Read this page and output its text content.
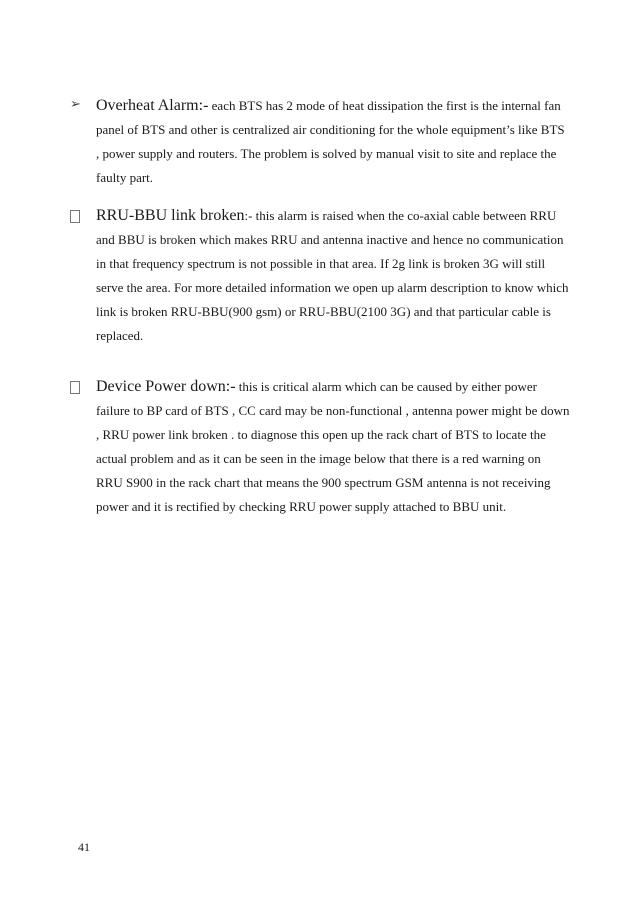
➢ Overheat Alarm:- each BTS has 2 mode of heat dissipation the first is the internal fan panel of BTS and other is centralized air conditioning for the whole equipment’s like BTS , power supply and routers. The problem is solved by manual visit to site and replace the faulty part.
RRU-BBU link broken:- this alarm is raised when the co-axial cable between RRU and BBU is broken which makes RRU and antenna inactive and hence no communication in that frequency spectrum is not possible in that area. If 2g link is broken 3G will still serve the area. For more detailed information we open up alarm description to know which link is broken RRU-BBU(900 gsm) or RRU-BBU(2100 3G) and that particular cable is replaced.
Device Power down:- this is critical alarm which can be caused by either power failure to BP card of BTS , CC card may be non-functional , antenna power might be down , RRU power link broken . to diagnose this open up the rack chart of BTS to locate the actual problem and as it can be seen in the image below that there is a red warning on RRU S900 in the rack chart that means the 900 spectrum GSM antenna is not receiving power and it is rectified by checking RRU power supply attached to BBU unit.
41
